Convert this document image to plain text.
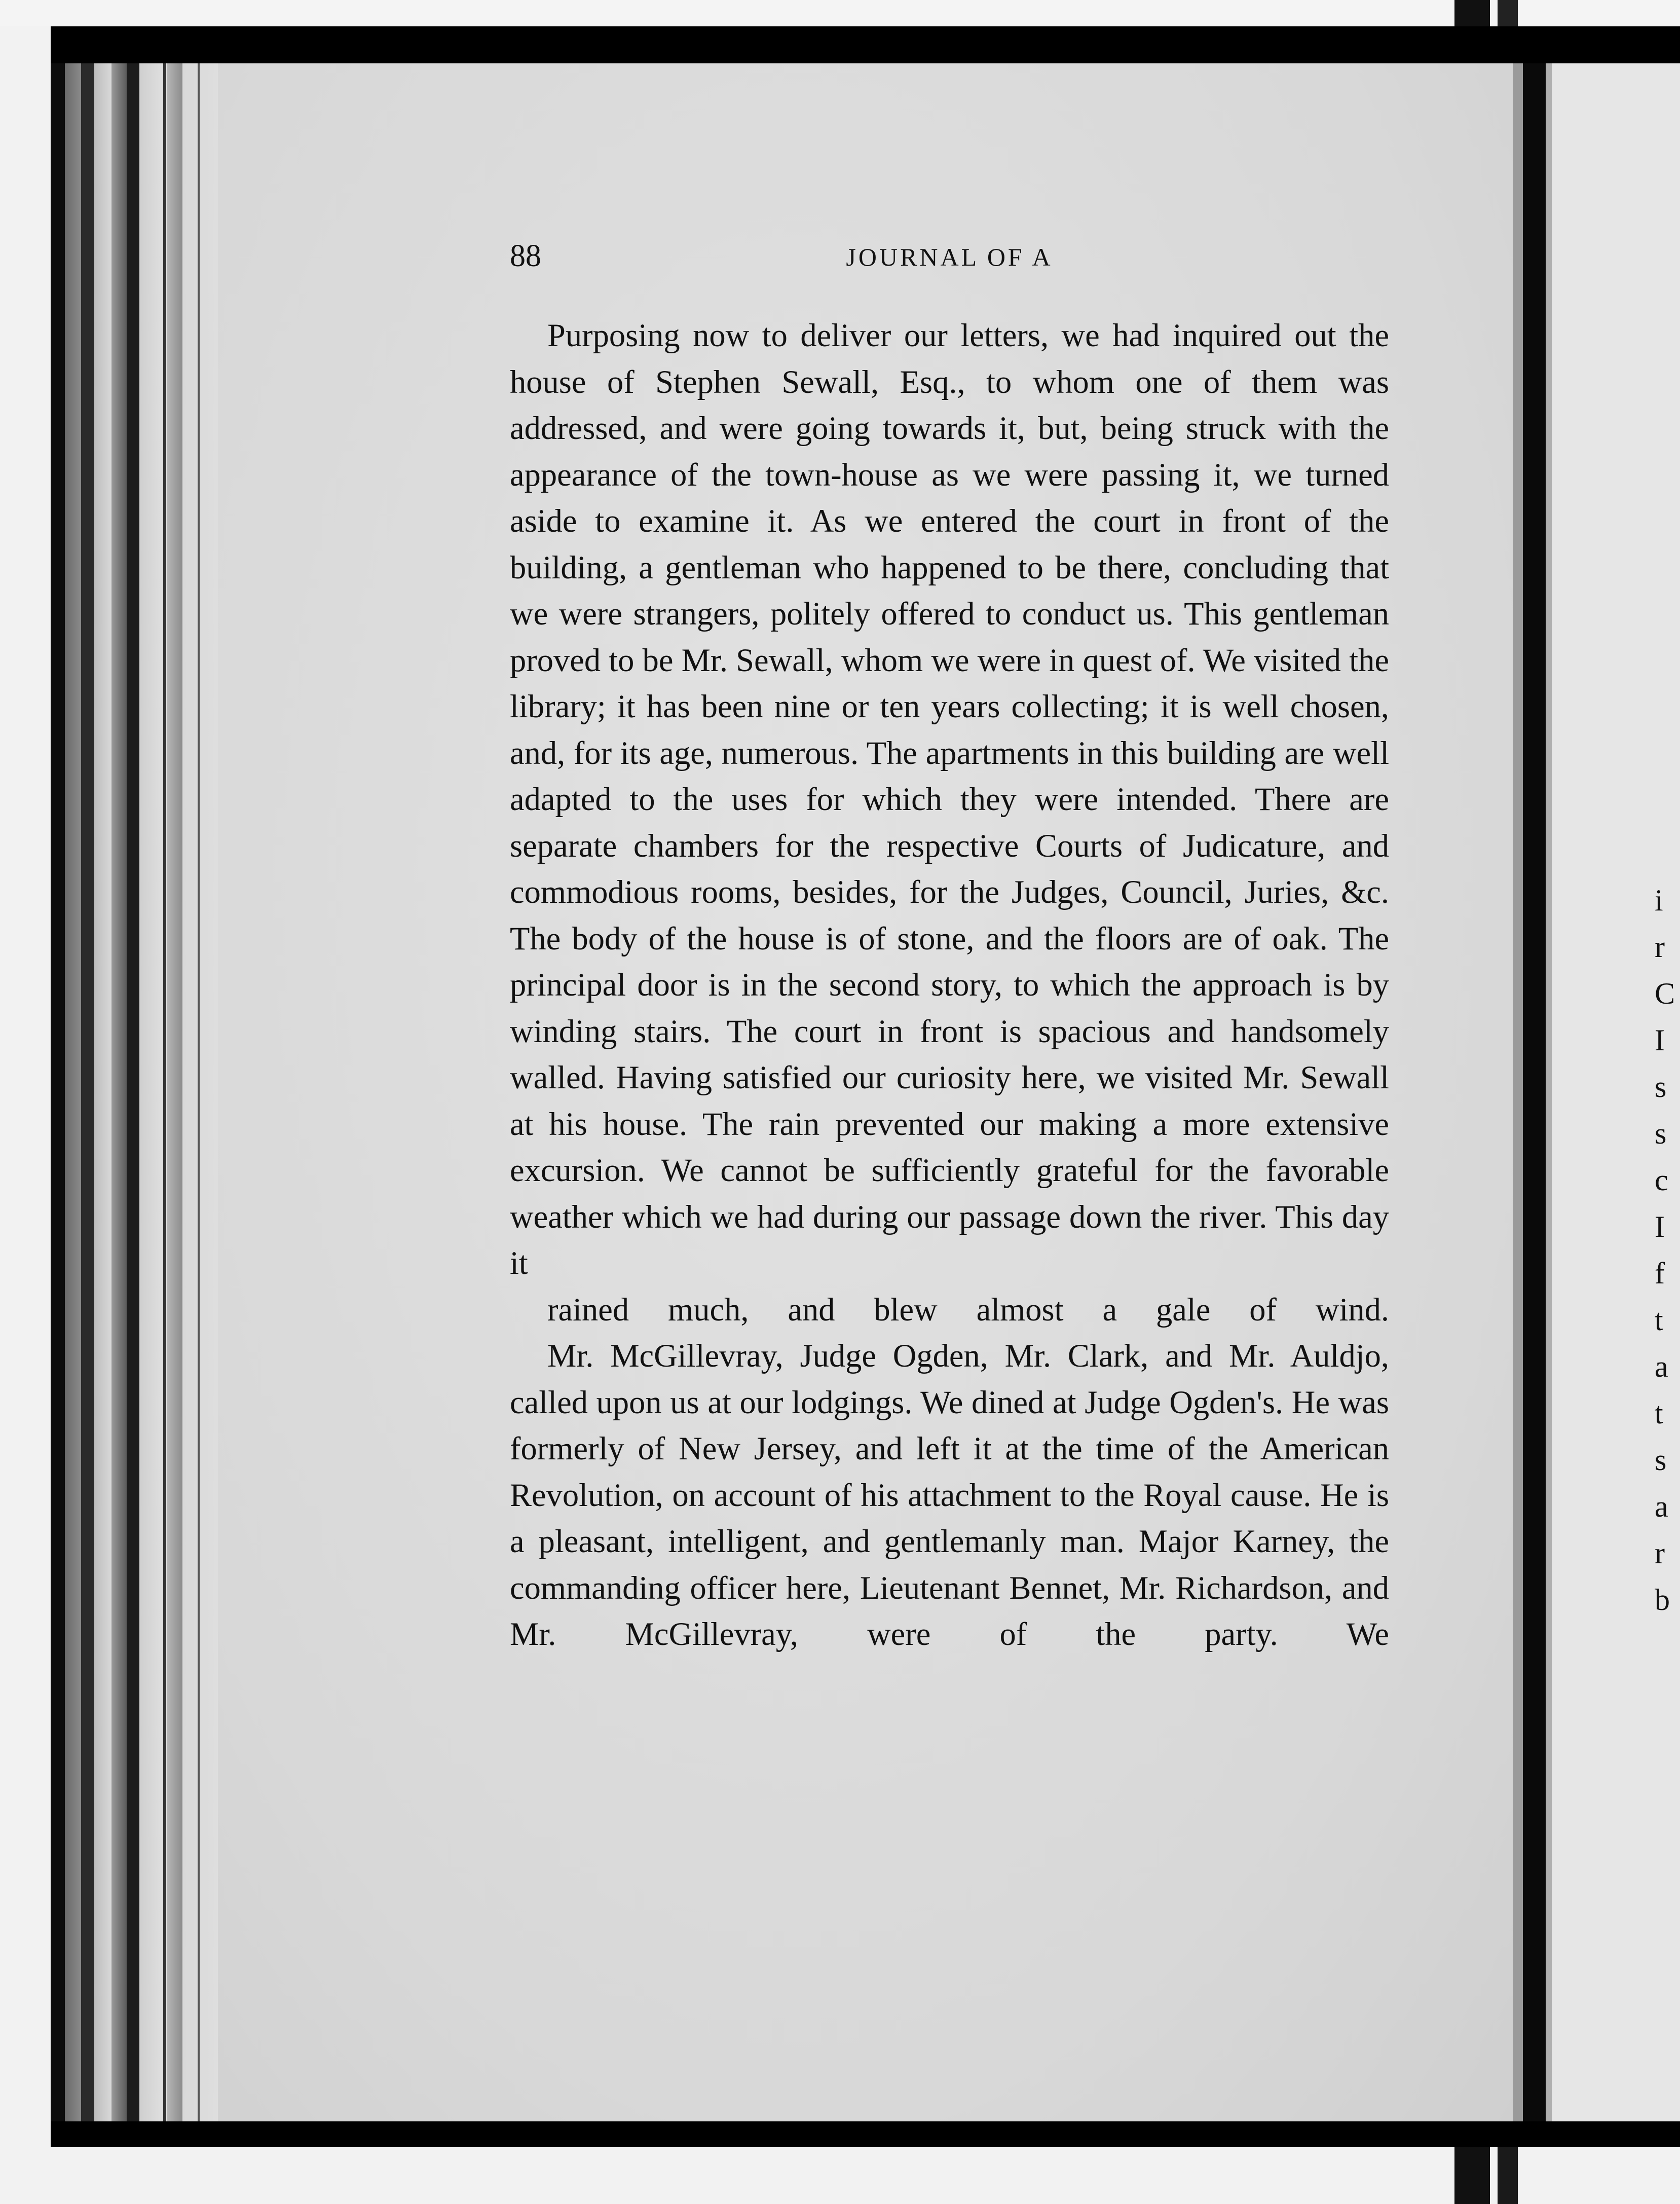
i
r
C
I
s
s
c
I
f
t
a
t
s
a
r
b
88	JOURNAL OF A

Purposing now to deliver our letters, we had inquired out the house of Stephen Sewall, Esq., to whom one of them was addressed, and were going towards it, but, being struck with the appearance of the town-house as we were passing it, we turned aside to examine it. As we entered the court in front of the building, a gentleman who happened to be there, concluding that we were strangers, politely offered to conduct us. This gentleman proved to be Mr. Sewall, whom we were in quest of. We visited the library; it has been nine or ten years collecting; it is well chosen, and, for its age, numerous. The apartments in this building are well adapted to the uses for which they were intended. There are separate chambers for the respective Courts of Judicature, and commodious rooms, besides, for the Judges, Council, Juries, &c. The body of the house is of stone, and the floors are of oak. The principal door is in the second story, to which the approach is by winding stairs. The court in front is spacious and handsomely walled. Having satisfied our curiosity here, we visited Mr. Sewall at his house. The rain prevented our making a more extensive excursion. We cannot be sufficiently grateful for the favorable weather which we had during our passage down the river. This day it

rained much, and blew almost a gale of wind.

Mr. McGillevray, Judge Ogden, Mr. Clark, and Mr. Auldjo, called upon us at our lodgings. We dined at Judge Ogden's. He was formerly of New Jersey, and left it at the time of the American Revolution, on account of his attachment to the Royal cause. He is a pleasant, intelligent, and gentlemanly man. Major Karney, the commanding officer here, Lieutenant Bennet, Mr. Richardson, and Mr. McGillevray, were of the party. We
